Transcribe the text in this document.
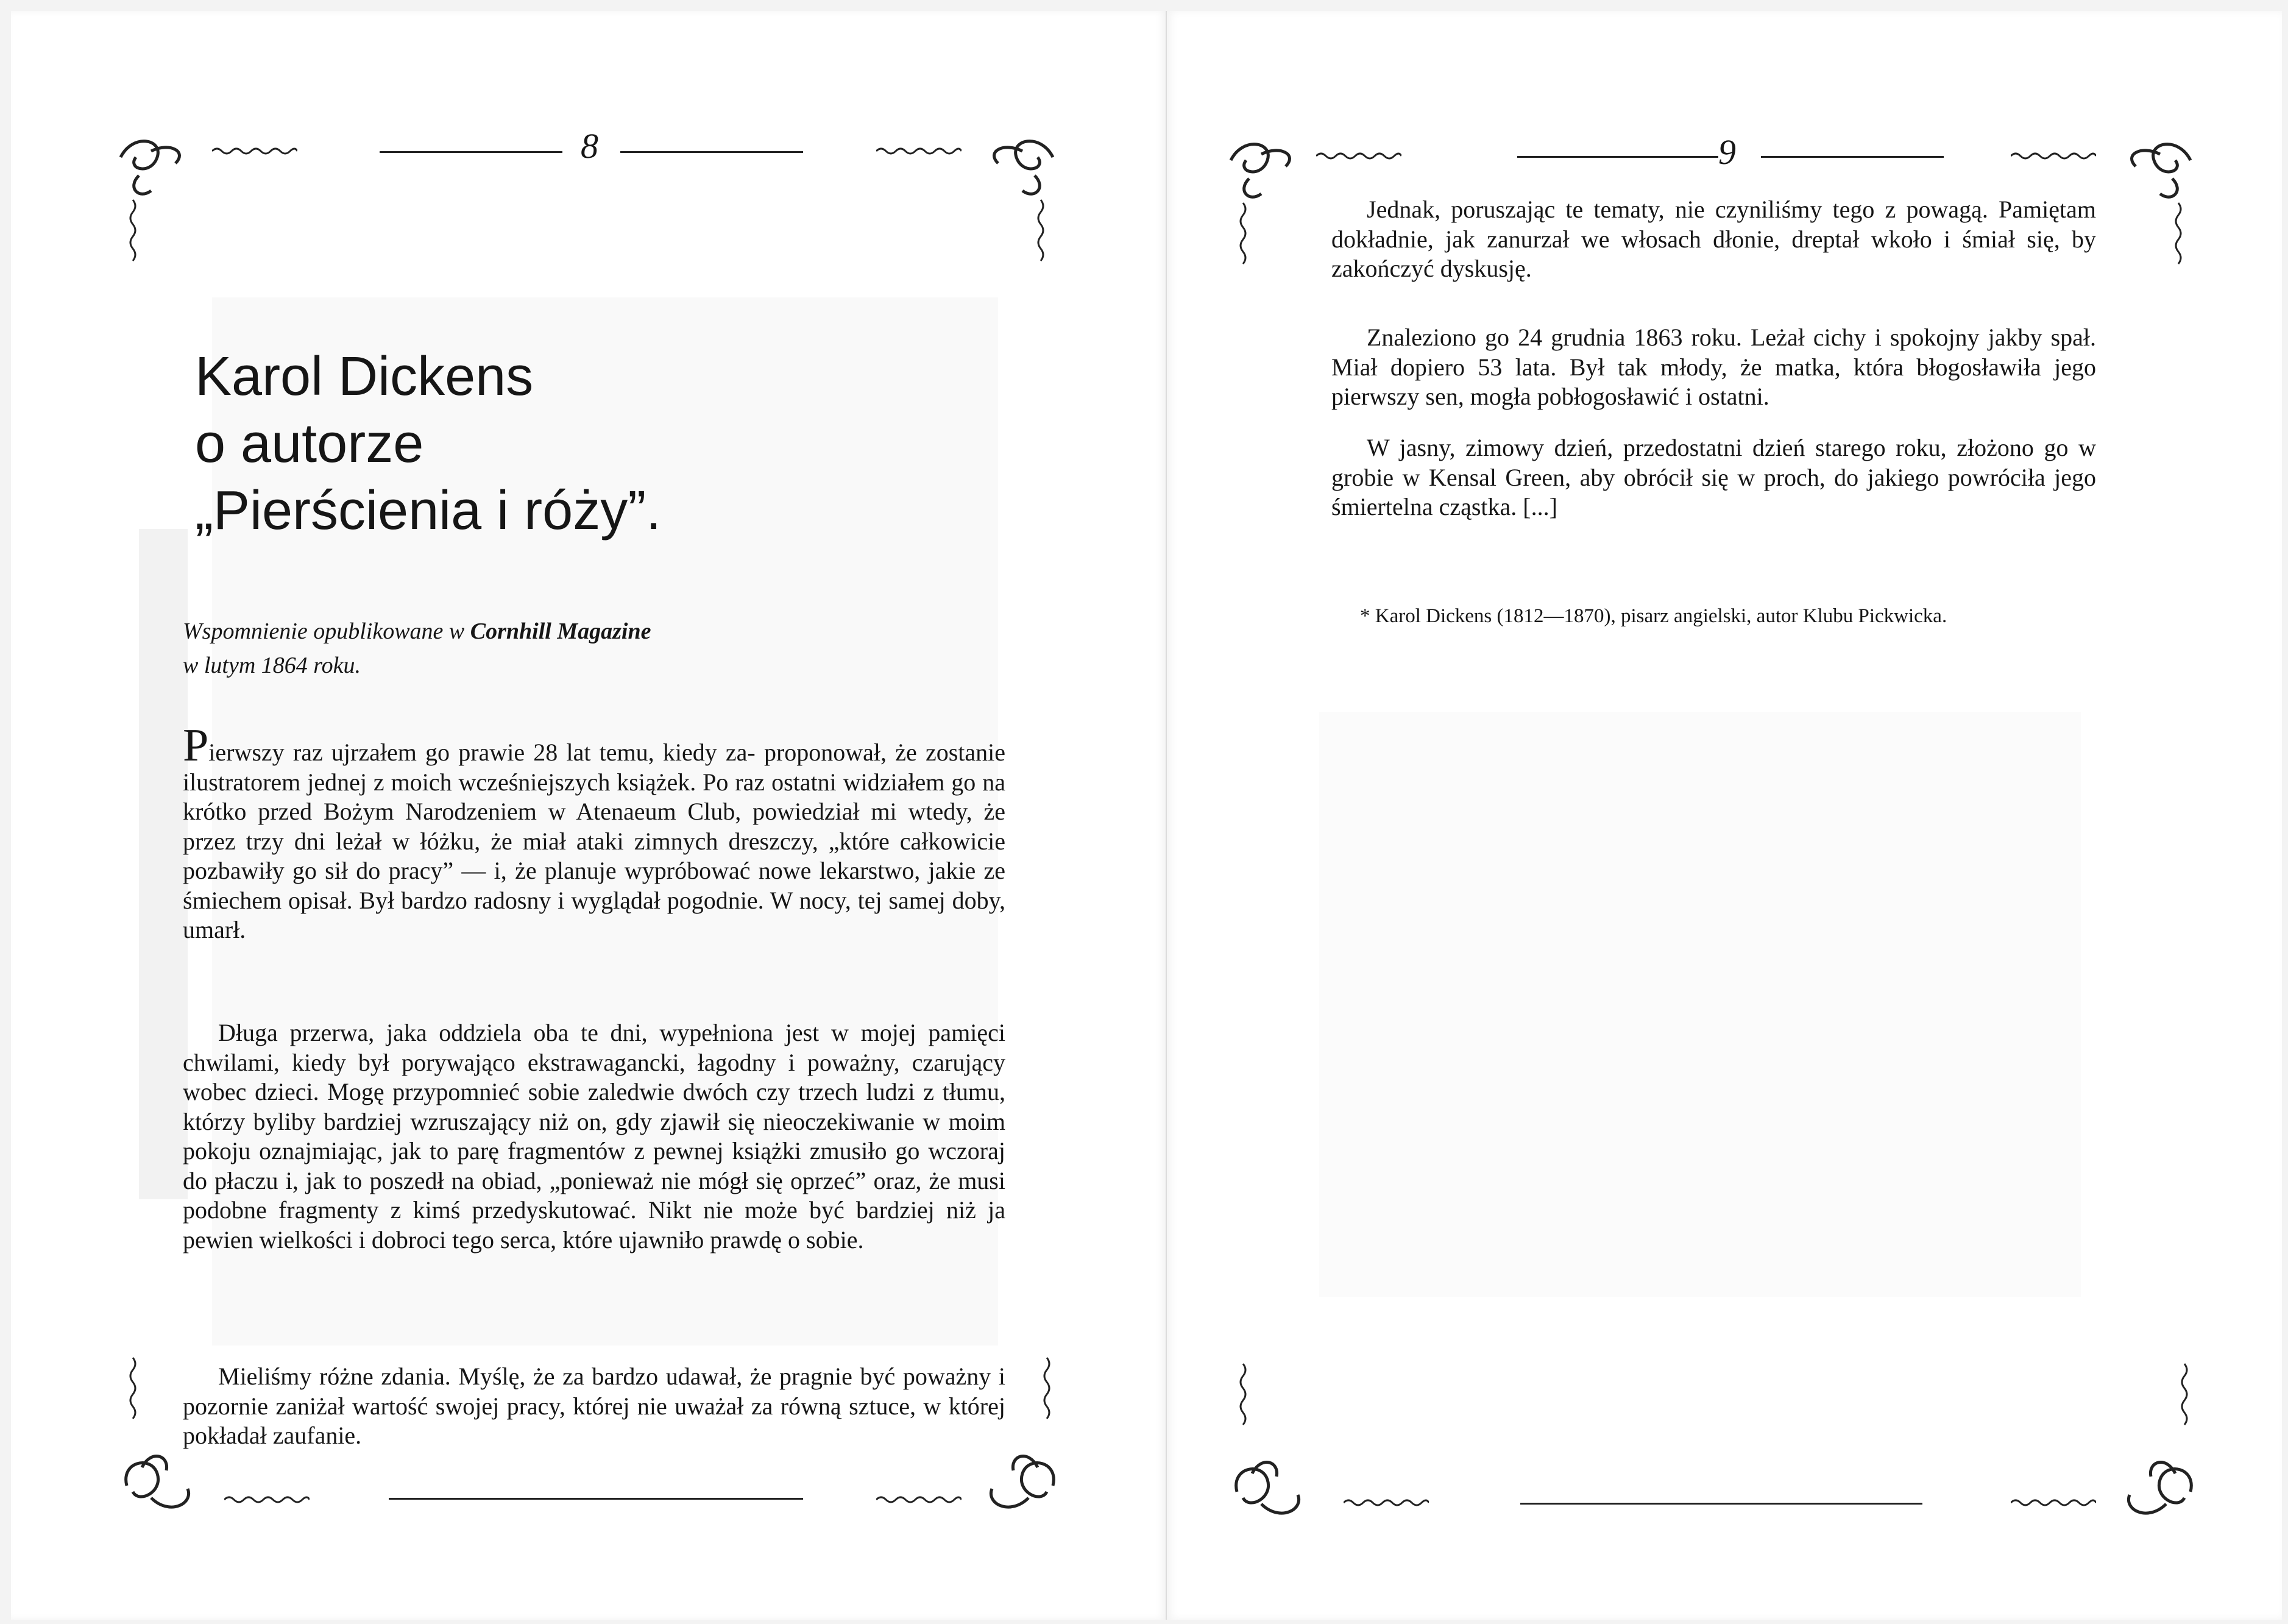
8
Karol Dickens
o autorze
„Pierścienia i róży”.
Wspomnienie opublikowane w Cornhill Magazine
w lutym 1864 roku.
Pierwszy raz ujrzałem go prawie 28 lat temu, kiedy za- proponował, że zostanie ilustratorem jednej z moich wcześniejszych książek. Po raz ostatni widziałem go na krótko przed Bożym Narodzeniem w Atenaeum Club, powiedział mi wtedy, że przez trzy dni leżał w łóżku, że miał ataki zimnych dreszczy, „które całkowicie pozbawiły go sił do pracy” — i, że planuje wypróbować nowe lekarstwo, jakie ze śmiechem opisał. Był bardzo radosny i wyglądał pogodnie. W nocy, tej samej doby, umarł.
Długa przerwa, jaka oddziela oba te dni, wypełniona jest w mojej pamięci chwilami, kiedy był porywająco ekstrawagancki, łagodny i poważny, czarujący wobec dzieci. Mogę przypomnieć sobie zaledwie dwóch czy trzech ludzi z tłumu, którzy byliby bardziej wzruszający niż on, gdy zjawił się nieoczekiwanie w moim pokoju oznajmiając, jak to parę fragmentów z pewnej książki zmusiło go wczoraj do płaczu i, jak to poszedł na obiad, „ponieważ nie mógł się oprzeć” oraz, że musi podobne fragmenty z kimś przedyskutować. Nikt nie może być bardziej niż ja pewien wielkości i dobroci tego serca, które ujawniło prawdę o sobie.
Mieliśmy różne zdania. Myślę, że za bardzo udawał, że pragnie być poważny i pozornie zaniżał wartość swojej pracy, której nie uważał za równą sztuce, w której pokładał zaufanie.
9
Jednak, poruszając te tematy, nie czyniliśmy tego z powagą. Pamiętam dokładnie, jak zanurzał we włosach dłonie, dreptał wkoło i śmiał się, by zakończyć dyskusję.
Znaleziono go 24 grudnia 1863 roku. Leżał cichy i spokojny jakby spał. Miał dopiero 53 lata. Był tak młody, że matka, która błogosławiła jego pierwszy sen, mogła pobłogosławić i ostatni.
W jasny, zimowy dzień, przedostatni dzień starego roku, złożono go w grobie w Kensal Green, aby obrócił się w proch, do jakiego powróciła jego śmiertelna cząstka. [...]
* Karol Dickens (1812—1870), pisarz angielski, autor Klubu Pickwicka.
